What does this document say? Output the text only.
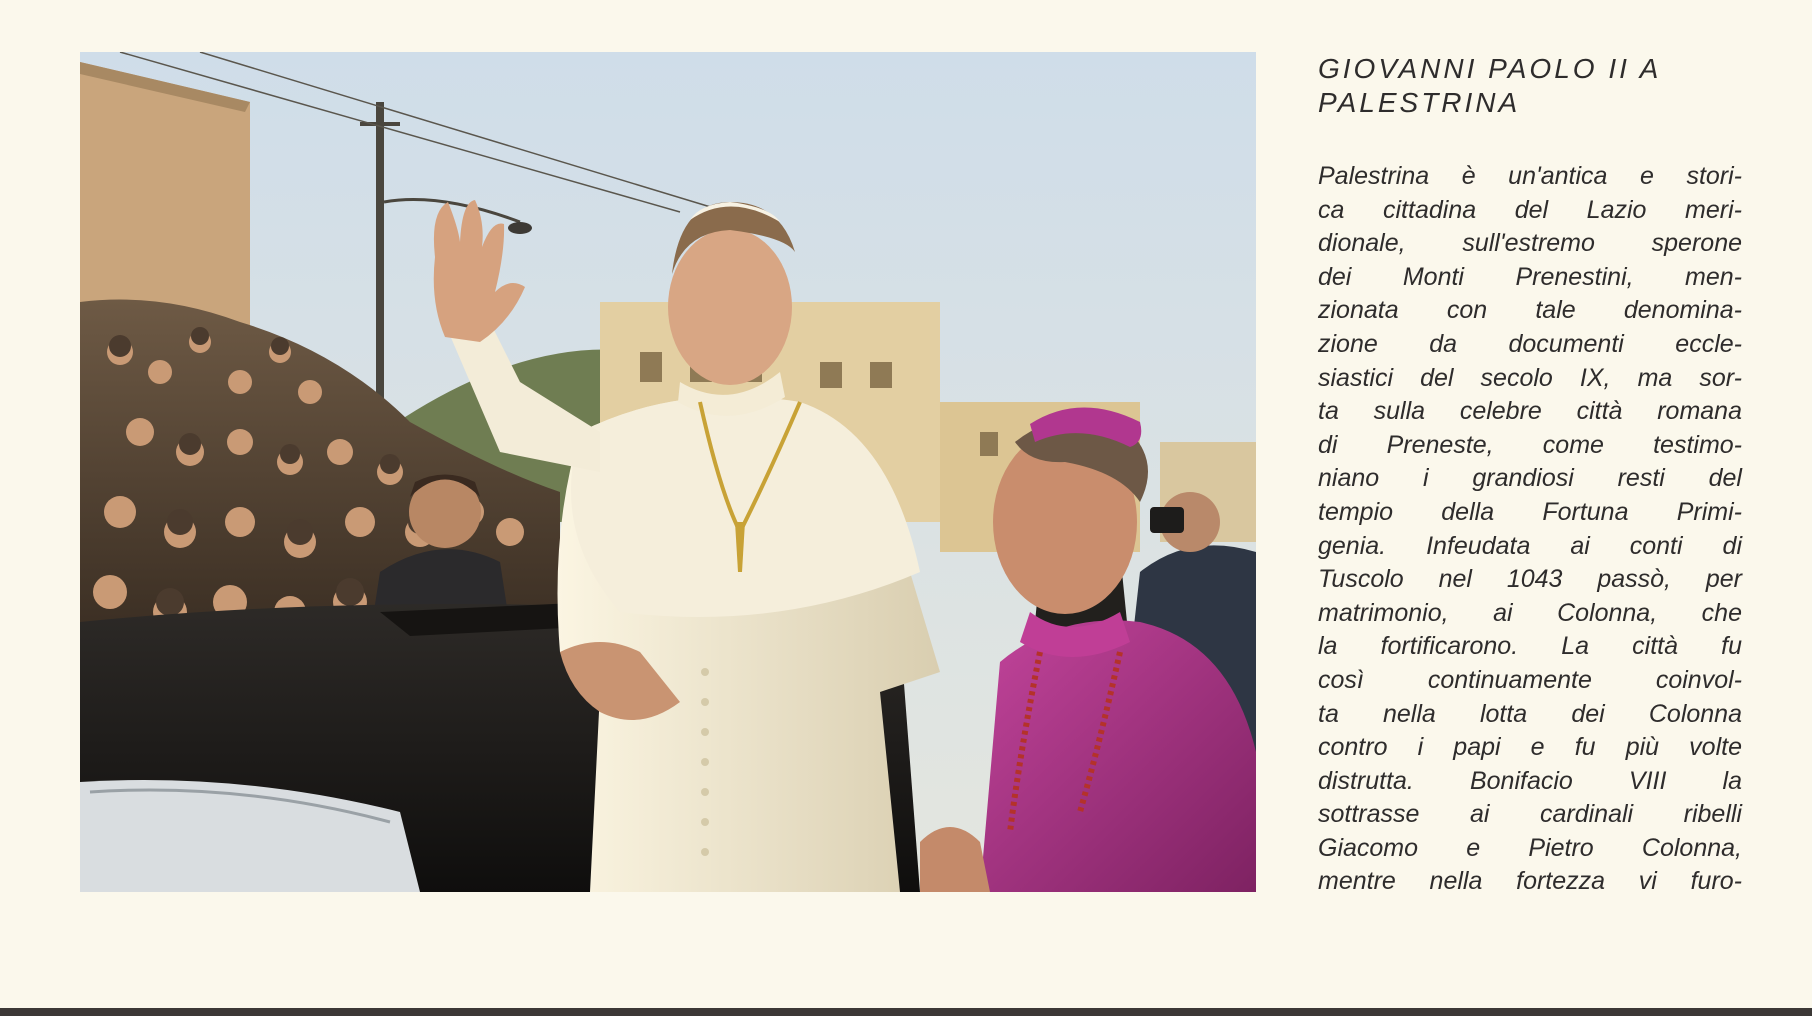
GIOVANNI PAOLO II A
PALESTRINA
Palestrina è un'antica e stori-
ca cittadina del Lazio meri-
dionale, sull'estremo sperone
dei Monti Prenestini, men-
zionata con tale denomina-
zione da documenti eccle-
siastici del secolo IX, ma sor-
ta sulla celebre città romana
di Preneste, come testimo-
niano i grandiosi resti del
tempio della Fortuna Primi-
genia. Infeudata ai conti di
Tuscolo nel 1043 passò, per
matrimonio, ai Colonna, che
la fortificarono. La città fu
così continuamente coinvol-
ta nella lotta dei Colonna
contro i papi e fu più volte
distrutta. Bonifacio VIII la
sottrasse ai cardinali ribelli
Giacomo e Pietro Colonna,
mentre nella fortezza vi furo-
